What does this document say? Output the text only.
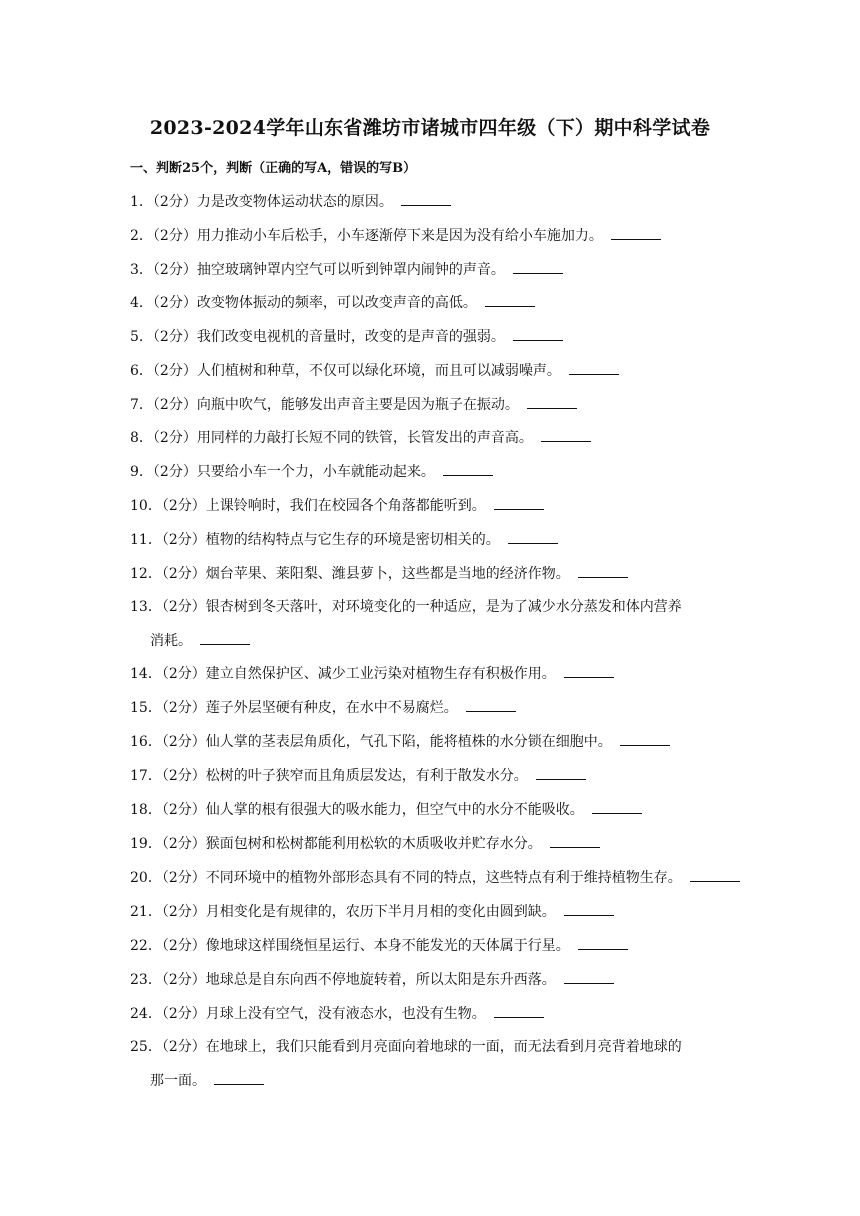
2023-2024学年山东省潍坊市诸城市四年级（下）期中科学试卷
一、判断25个，判断（正确的写A，错误的写B）
1．（2分）力是改变物体运动状态的原因。
2．（2分）用力推动小车后松手，小车逐渐停下来是因为没有给小车施加力。
3．（2分）抽空玻璃钟罩内空气可以听到钟罩内闹钟的声音。
4．（2分）改变物体振动的频率，可以改变声音的高低。
5．（2分）我们改变电视机的音量时，改变的是声音的强弱。
6．（2分）人们植树和种草，不仅可以绿化环境，而且可以减弱噪声。
7．（2分）向瓶中吹气，能够发出声音主要是因为瓶子在振动。
8．（2分）用同样的力敲打长短不同的铁管，长管发出的声音高。
9．（2分）只要给小车一个力，小车就能动起来。
10．（2分）上课铃响时，我们在校园各个角落都能听到。
11．（2分）植物的结构特点与它生存的环境是密切相关的。
12．（2分）烟台苹果、莱阳梨、潍县萝卜，这些都是当地的经济作物。
13．（2分）银杏树到冬天落叶，对环境变化的一种适应，是为了减少水分蒸发和体内营养
消耗。
14．（2分）建立自然保护区、减少工业污染对植物生存有积极作用。
15．（2分）莲子外层坚硬有种皮，在水中不易腐烂。
16．（2分）仙人掌的茎表层角质化，气孔下陷，能将植株的水分锁在细胞中。
17．（2分）松树的叶子狭窄而且角质层发达，有利于散发水分。
18．（2分）仙人掌的根有很强大的吸水能力，但空气中的水分不能吸收。
19．（2分）猴面包树和松树都能利用松软的木质吸收并贮存水分。
20．（2分）不同环境中的植物外部形态具有不同的特点，这些特点有利于维持植物生存。
21．（2分）月相变化是有规律的，农历下半月月相的变化由圆到缺。
22．（2分）像地球这样围绕恒星运行、本身不能发光的天体属于行星。
23．（2分）地球总是自东向西不停地旋转着，所以太阳是东升西落。
24．（2分）月球上没有空气，没有液态水，也没有生物。
25．（2分）在地球上，我们只能看到月亮面向着地球的一面，而无法看到月亮背着地球的
那一面。
